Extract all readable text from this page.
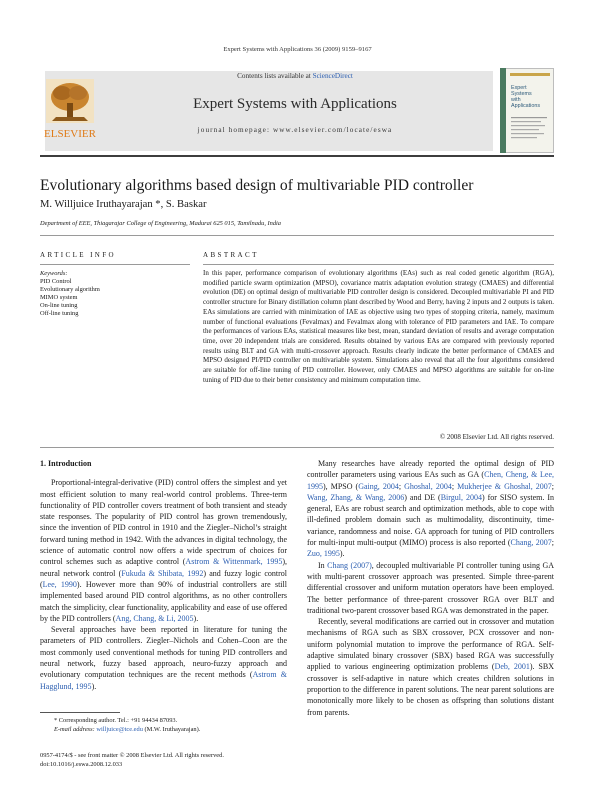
Expert Systems with Applications 36 (2009) 9159–9167
ELSEVIER
Contents lists available at ScienceDirect
Expert Systems with Applications
journal homepage: www.elsevier.com/locate/eswa
Expert Systems with Applications
Evolutionary algorithms based design of multivariable PID controller
M. Willjuice Iruthayarajan *, S. Baskar
Department of EEE, Thiagarajar College of Engineering, Madurai 625 015, Tamilnadu, India
ARTICLE INFO	ABSTRACT
Keywords:
PID Control
Evolutionary algorithm
MIMO system
On-line tuning
Off-line tuning
In this paper, performance comparison of evolutionary algorithms (EAs) such as real coded genetic algorithm (RGA), modified particle swarm optimization (MPSO), covariance matrix adaptation evolution strategy (CMAES) and differential evolution (DE) on optimal design of multivariable PID controller design is considered. Decoupled multivariable PI and PID controller structure for Binary distillation column plant described by Wood and Berry, having 2 inputs and 2 outputs is taken. EAs simulations are carried with minimization of IAE as objective using two types of stopping criteria, namely, maximum number of functional evaluations (Fevalmax) and Fevalmax along with tolerance of PID parameters and IAE. To compare the performances of various EAs, statistical measures like best, mean, standard deviation of results and average computation time, over 20 independent trials are considered. Results obtained by various EAs are compared with previously reported results using BLT and GA with multi-crossover approach. Results clearly indicate the better performance of CMAES and MPSO designed PI/PID controller on multivariable system. Simulations also reveal that all the four algorithms considered are suitable for off-line tuning of PID controller. However, only CMAES and MPSO algorithms are suitable for on-line tuning of PID due to their better consistency and minimum computation time.
© 2008 Elsevier Ltd. All rights reserved.
1. Introduction

Proportional-integral-derivative (PID) control offers the simplest and yet most efficient solution to many real-world control problems. Three-term functionality of PID controller covers treatment of both transient and steady state responses. The popularity of PID control has grown tremendously, since the invention of PID control in 1910 and the Ziegler–Nichol’s straight forward tuning method in 1942. With the advances in digital technology, the science of automatic control now offers a wide spectrum of choices for control schemes such as adaptive control (Astrom & Wittenmark, 1995), neural network control (Fukuda & Shibata, 1992) and fuzzy logic control (Lee, 1990). However more than 90% of industrial controllers are still implemented based around PID control algorithms, as no other controllers match the simplicity, clear functionality, applicability and ease of use offered by the PID controllers (Ang, Chang, & Li, 2005).

Several approaches have been reported in literature for tuning the parameters of PID controllers. Ziegler–Nichols and Cohen–Coon are the most commonly used conventional methods for tuning PID controllers and neural network, fuzzy based approach, neuro-fuzzy approach and evolutionary computation techniques are the recent methods (Astrom & Hagglund, 1995).

Many researches have already reported the optimal design of PID controller parameters using various EAs such as GA (Chen, Cheng, & Lee, 1995), MPSO (Gaing, 2004; Ghoshal, 2004; Mukherjee & Ghoshal, 2007; Wang, Zhang, & Wang, 2006) and DE (Birgul, 2004) for SISO system. In general, EAs are robust search and optimization methods, able to cope with ill-defined problem domain such as multimodality, discontinuity, time-variance, randomness and noise. GA approach for tuning of PID controllers for multi-input multi-output (MIMO) process is also reported (Chang, 2007; Zuo, 1995).

In Chang (2007), decoupled multivariable PI controller tuning using GA with multi-parent crossover approach was presented. Simple three-parent differential crossover and uniform mutation operators have been employed. The better performance of three-parent crossover RGA over BLT and traditional two-parent crossover based RGA was demonstrated in the paper.

Recently, several modifications are carried out in crossover and mutation mechanisms of RGA such as SBX crossover, PCX crossover and non-uniform polynomial mutation to improve the performance of RGA. Self-adaptive simulated binary crossover (SBX) based RGA was successfully applied to various engineering optimization problems (Deb, 2001). SBX crossover is self-adaptive in nature which creates children solutions in proportion to the difference in parent solutions. The near parent solutions are monotonically more likely to be chosen as offspring than solutions distant from parents.

* Corresponding author. Tel.: +91 94434 87093.
E-mail address: willjuice@tce.edu (M.W. Iruthayarajan).
0957-4174/$ - see front matter © 2008 Elsevier Ltd. All rights reserved.
doi:10.1016/j.eswa.2008.12.033
